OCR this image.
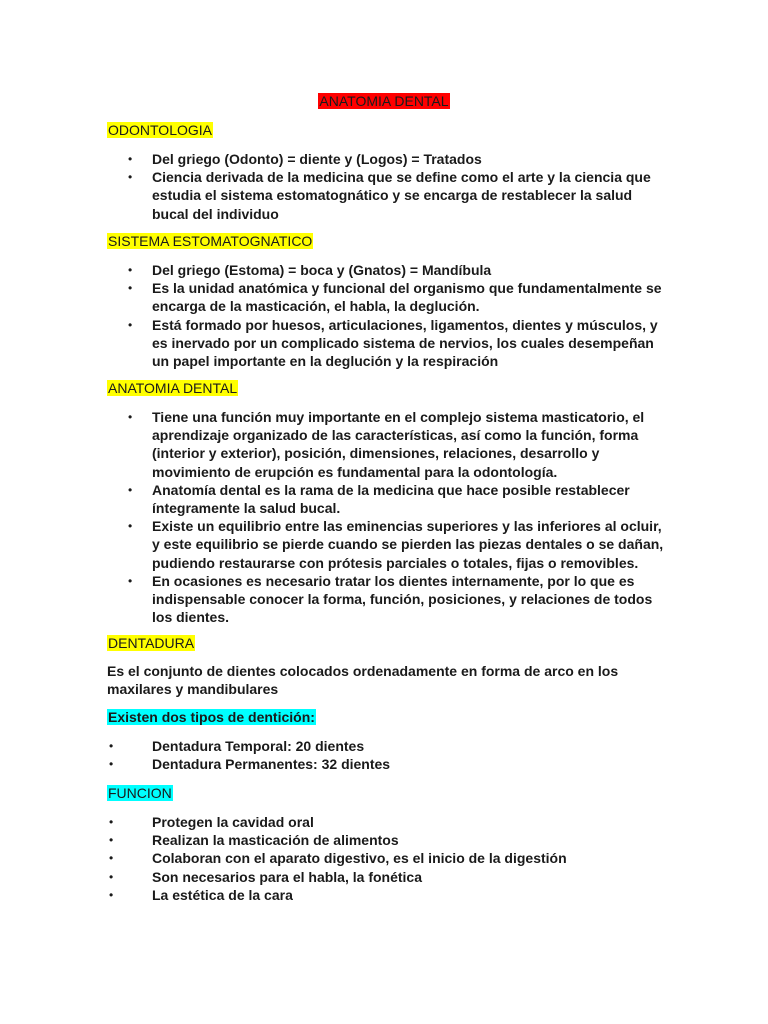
ANATOMIA DENTAL
ODONTOLOGIA
• Del griego (Odonto) = diente y (Logos) = Tratados
• Ciencia derivada de la medicina que se define como el arte y la ciencia que estudia el sistema estomatognático y se encarga de restablecer la salud bucal del individuo
SISTEMA ESTOMATOGNATICO
• Del griego (Estoma) = boca y (Gnatos) = Mandíbula
• Es la unidad anatómica y funcional del organismo que fundamentalmente se encarga de la masticación, el habla, la deglución.
• Está formado por huesos, articulaciones, ligamentos, dientes y músculos, y es inervado por un complicado sistema de nervios, los cuales desempeñan un papel importante en la deglución y la respiración
ANATOMIA DENTAL
• Tiene una función muy importante en el complejo sistema masticatorio, el aprendizaje organizado de las características, así como la función, forma (interior y exterior), posición, dimensiones, relaciones, desarrollo y movimiento de erupción es fundamental para la odontología.
• Anatomía dental es la rama de la medicina que hace posible restablecer íntegramente la salud bucal.
• Existe un equilibrio entre las eminencias superiores y las inferiores al ocluir, y este equilibrio se pierde cuando se pierden las piezas dentales o se dañan, pudiendo restaurarse con prótesis parciales o totales, fijas o removibles.
• En ocasiones es necesario tratar los dientes internamente, por lo que es indispensable conocer la forma, función, posiciones, y relaciones de todos los dientes.
DENTADURA
Es el conjunto de dientes colocados ordenadamente en forma de arco en los maxilares y mandibulares
Existen dos tipos de dentición:
• Dentadura Temporal: 20 dientes
• Dentadura Permanentes: 32 dientes
FUNCION
• Protegen la cavidad oral
• Realizan la masticación de alimentos
• Colaboran con el aparato digestivo, es el inicio de la digestión
• Son necesarios para el habla, la fonética
• La estética de la cara
